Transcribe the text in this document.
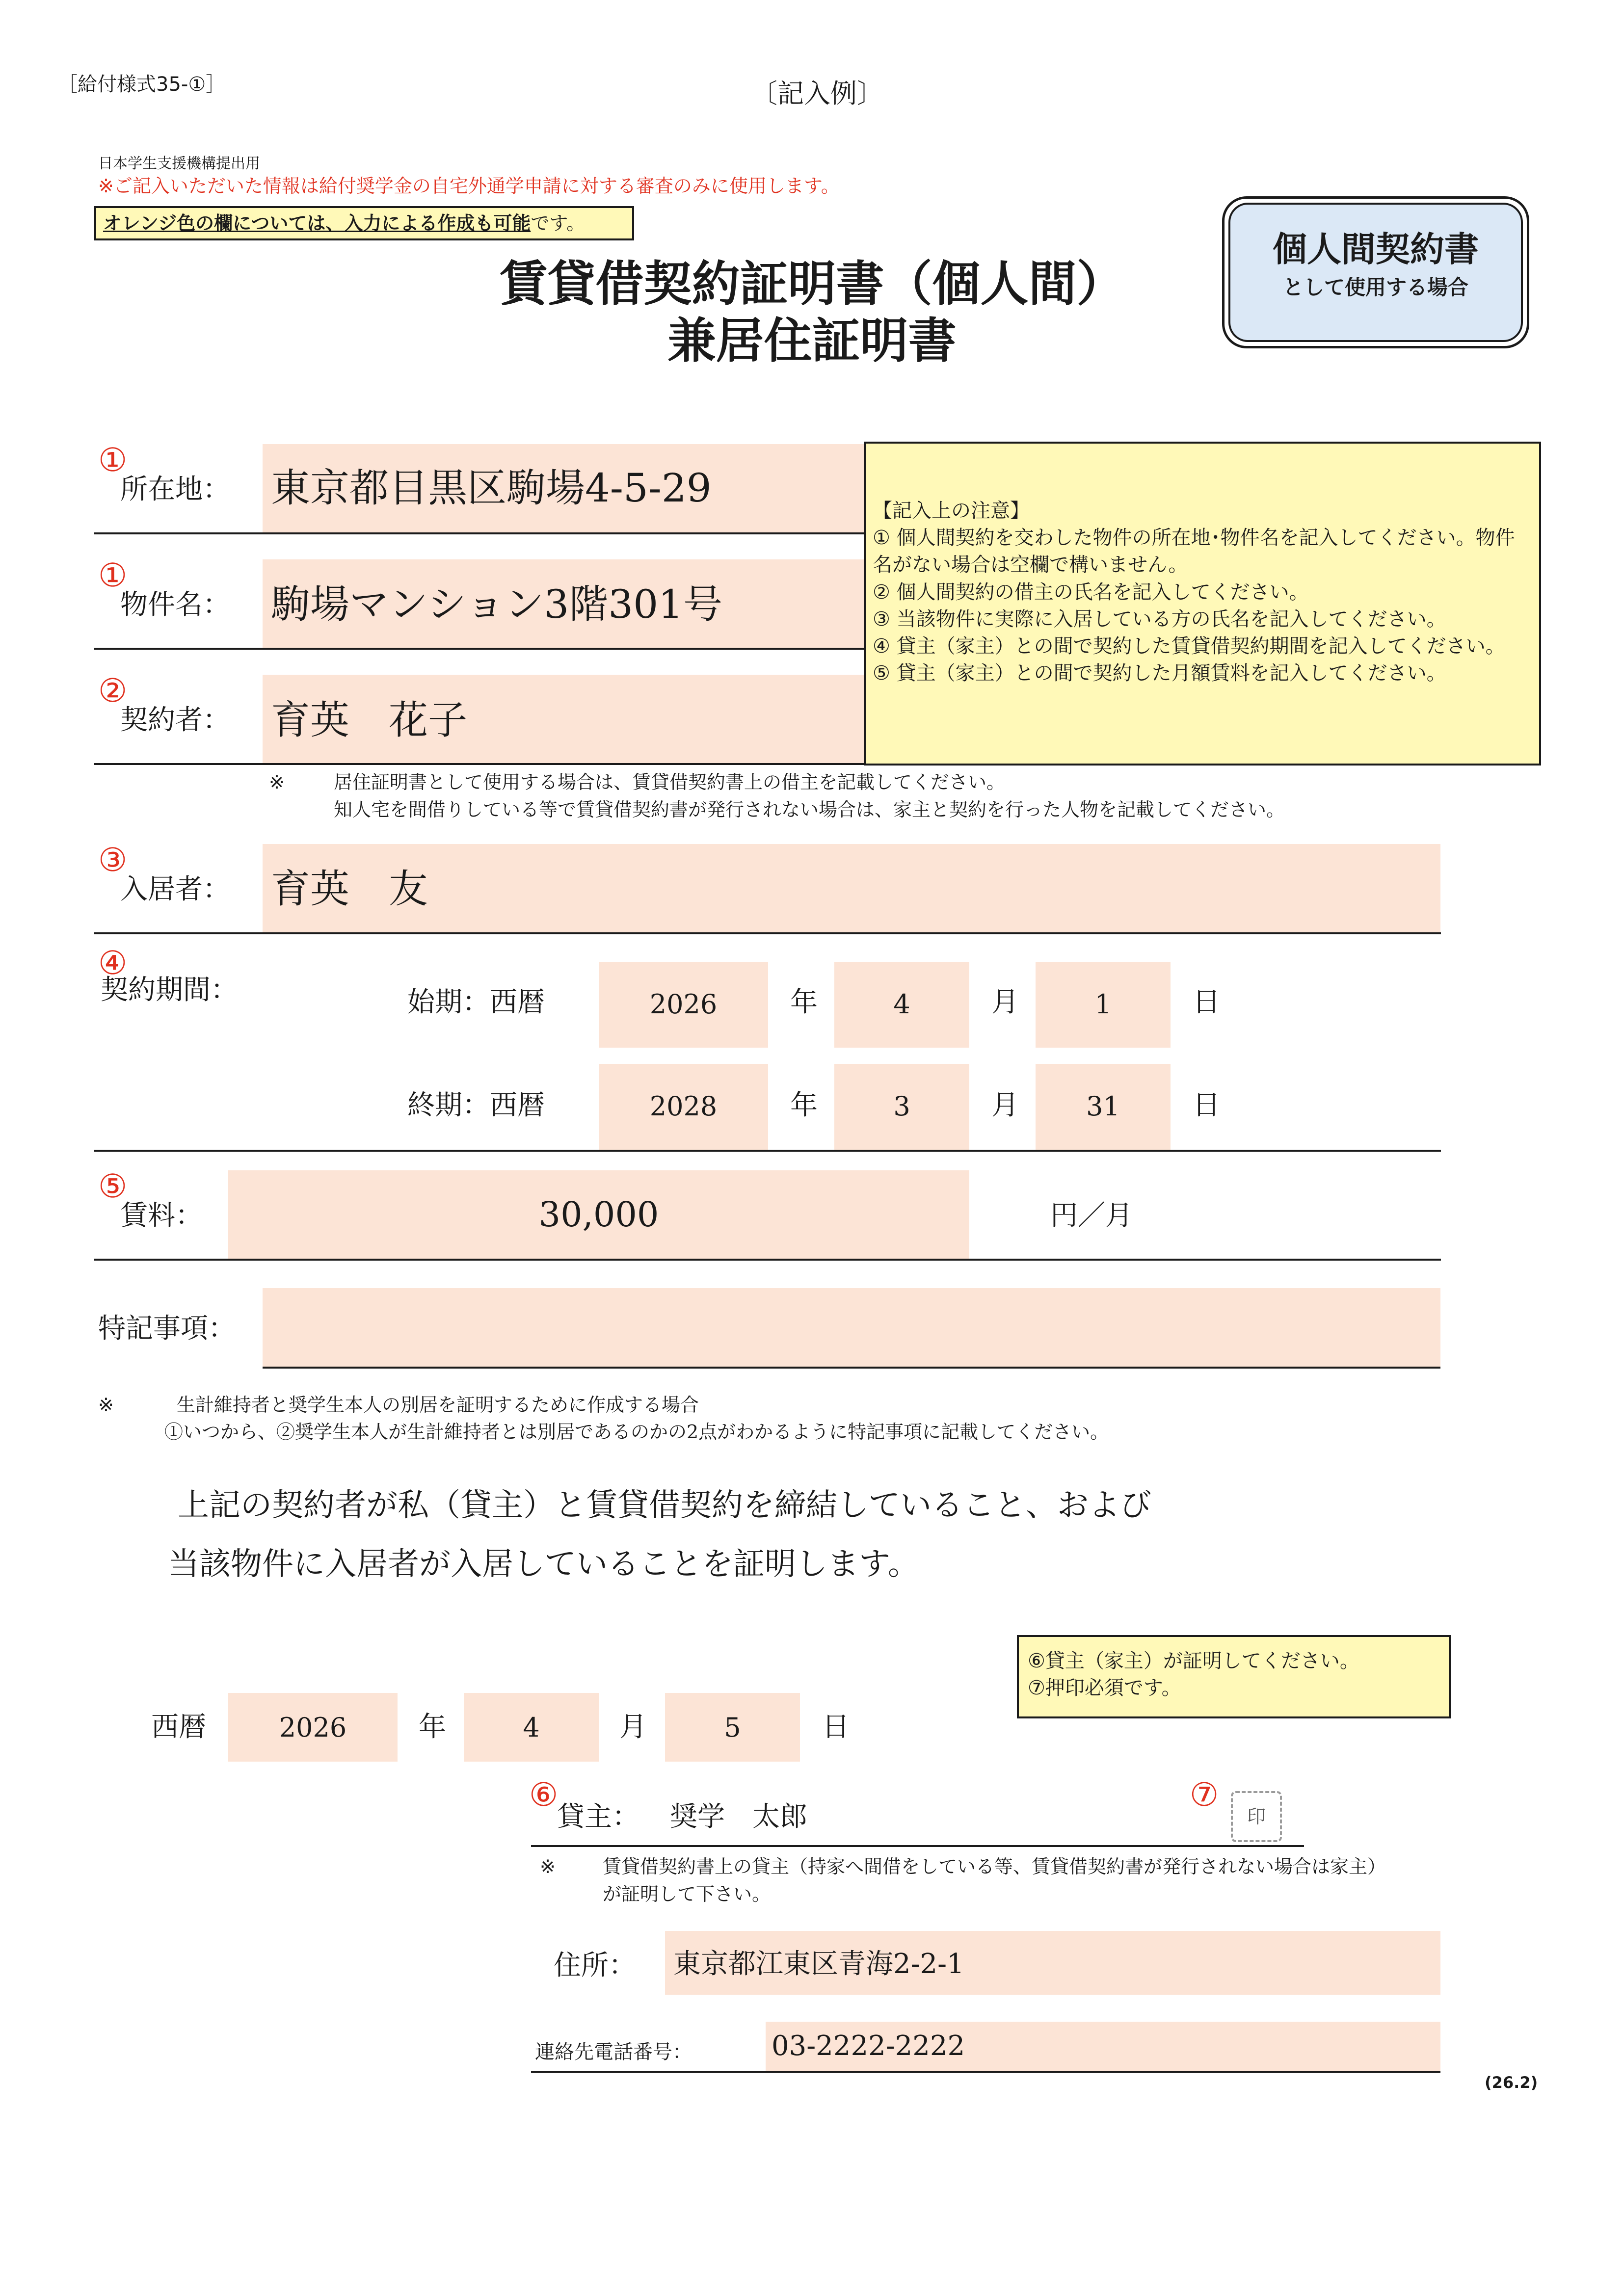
［給付様式35-①］	〔記入例〕
日本学生支援機構提出用
※ご記入いただいた情報は給付奨学金の自宅外通学申請に対する審査のみに使用します。
オレンジ色の欄については、入力による作成も可能です。
個人間契約書
として使用する場合
賃貸借契約証明書（個人間）
兼居住証明書
①
所在地： 東京都目黒区駒場4-5-29
①
物件名： 駒場マンション3階301号
②
契約者： 育英　花子
※	居住証明書として使用する場合は、賃貸借契約書上の借主を記載してください。
知人宅を間借りしている等で賃貸借契約書が発行されない場合は、家主と契約を行った人物を記載してください。
【記入上の注意】
① 個人間契約を交わした物件の所在地･物件名を記入してください。物件
名がない場合は空欄で構いません。
② 個人間契約の借主の氏名を記入してください。
③ 当該物件に実際に入居している方の氏名を記入してください。
④ 貸主（家主）との間で契約した賃貸借契約期間を記入してください。
⑤ 貸主（家主）との間で契約した月額賃料を記入してください。
③
入居者： 育英　友
④
契約期間：	始期：西暦	2026	年	4	月	1	日
終期：西暦	2028	年	3	月	31	日
⑤
賃料：	30,000	円／月
特記事項：
※	生計維持者と奨学生本人の別居を証明するために作成する場合
①いつから、②奨学生本人が生計維持者とは別居であるのかの2点がわかるように特記事項に記載してください。
上記の契約者が私（貸主）と賃貸借契約を締結していること、および
当該物件に入居者が入居していることを証明します。
⑥貸主（家主）が証明してください。
⑦押印必須です。
西暦	2026	年	4	月	5	日
⑥
貸主： 奨学　太郎
⑦
印
※	賃貸借契約書上の貸主（持家へ間借をしている等、賃貸借契約書が発行されない場合は家主）
が証明して下さい。
住所： 東京都江東区青海2-2-1
連絡先電話番号：	03-2222-2222
(26.2)
